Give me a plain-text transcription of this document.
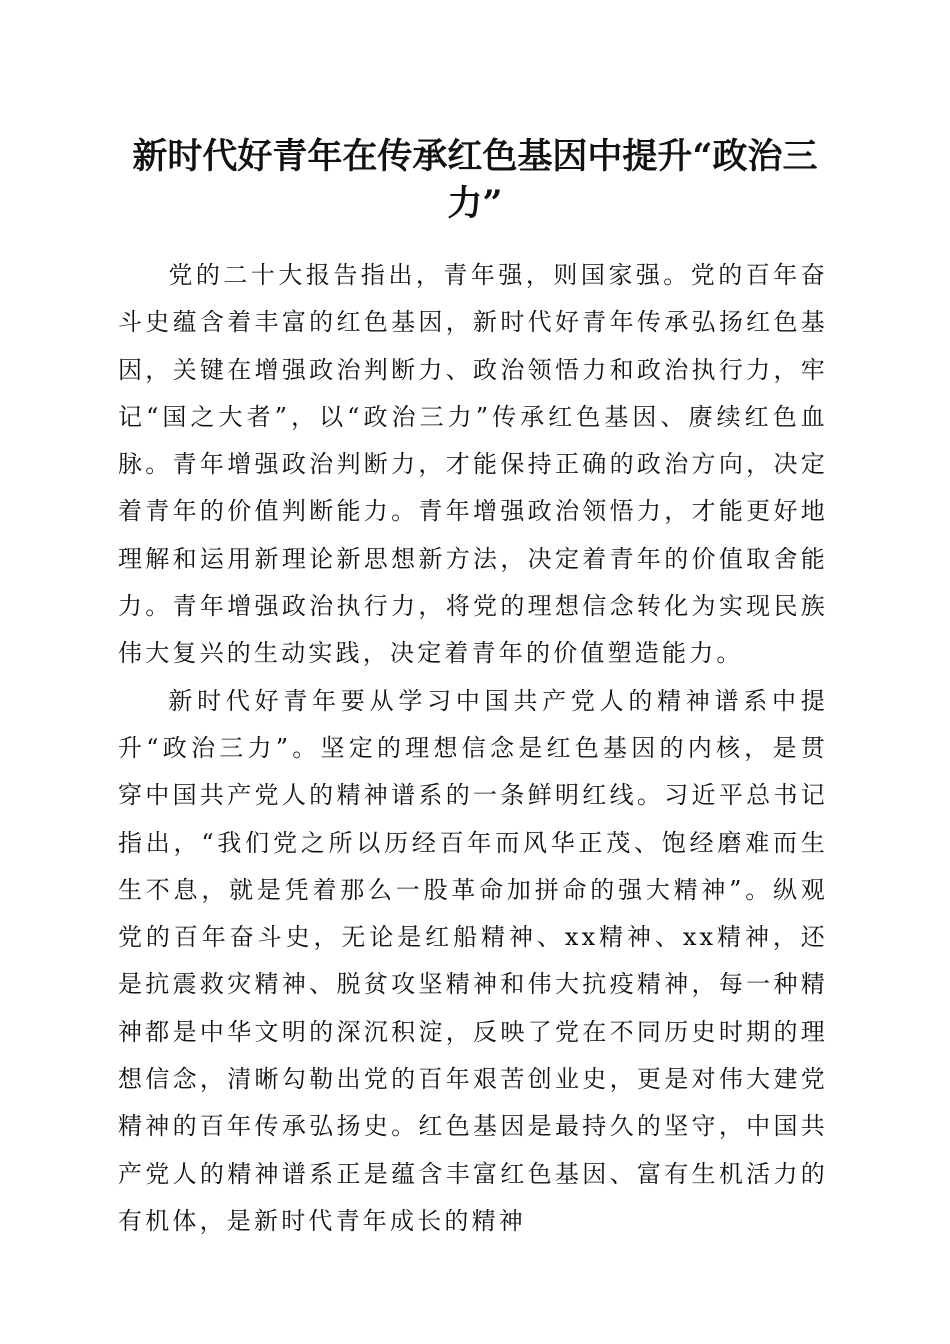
新时代好青年在传承红色基因中提升“政治三力”

党的二十大报告指出，青年强，则国家强。党的百年奋斗史蕴含着丰富的红色基因，新时代好青年传承弘扬红色基因，关键在增强政治判断力、政治领悟力和政治执行力，牢记“国之大者”，以“政治三力”传承红色基因、赓续红色血脉。青年增强政治判断力，才能保持正确的政治方向，决定着青年的价值判断能力。青年增强政治领悟力，才能更好地理解和运用新理论新思想新方法，决定着青年的价值取舍能力。青年增强政治执行力，将党的理想信念转化为实现民族伟大复兴的生动实践，决定着青年的价值塑造能力。

新时代好青年要从学习中国共产党人的精神谱系中提升“政治三力”。坚定的理想信念是红色基因的内核，是贯穿中国共产党人的精神谱系的一条鲜明红线。习近平总书记指出，“我们党之所以历经百年而风华正茂、饱经磨难而生生不息，就是凭着那么一股革命加拼命的强大精神”。纵观党的百年奋斗史，无论是红船精神、xx精神、xx精神，还是抗震救灾精神、脱贫攻坚精神和伟大抗疫精神，每一种精神都是中华文明的深沉积淀，反映了党在不同历史时期的理想信念，清晰勾勒出党的百年艰苦创业史，更是对伟大建党精神的百年传承弘扬史。红色基因是最持久的坚守，中国共产党人的精神谱系正是蕴含丰富红色基因、富有生机活力的有机体，是新时代青年成长的精神
